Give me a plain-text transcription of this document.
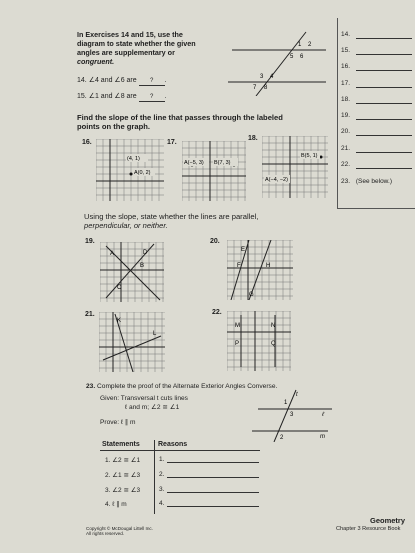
In Exercises 14 and 15, use the
diagram to state whether the given
angles are supplementary or
congruent.
14. ∠4 and ∠6 are ? .
15. ∠1 and ∠8 are ? .
1 2
5 6
3 4
7 8
Find the slope of the line that passes through the labeled
points on the graph.
16.
(4, 1)
A(0, 2)
17.
A(−5, 3) B(7, 3)
18.
B(5, 1)
A(−4, −2)
Using the slope, state whether the lines are parallel,
perpendicular, or neither.
19.
A	D
B
C
20.
E
F	H
G
21.
K
L
22.
M	N
P	Q
23. Complete the proof of the Alternate Exterior Angles Converse.
Given: Transversal t cuts lines
ℓ and m; ∠2 ≅ ∠1
Prove: ℓ ∥ m
t
1
3	ℓ
2	m
Statements	Reasons
1. ∠2 ≅ ∠1	1.
2. ∠1 ≅ ∠3	2.
3. ∠2 ≅ ∠3	3.
4. ℓ ∥ m	4.
14.
15.
16.
17.
18.
19.
20.
21.
22.
23. (See below.)
Copyright © McDougal Littell Inc.
All rights reserved.
Geometry
Chapter 3 Resource Book
